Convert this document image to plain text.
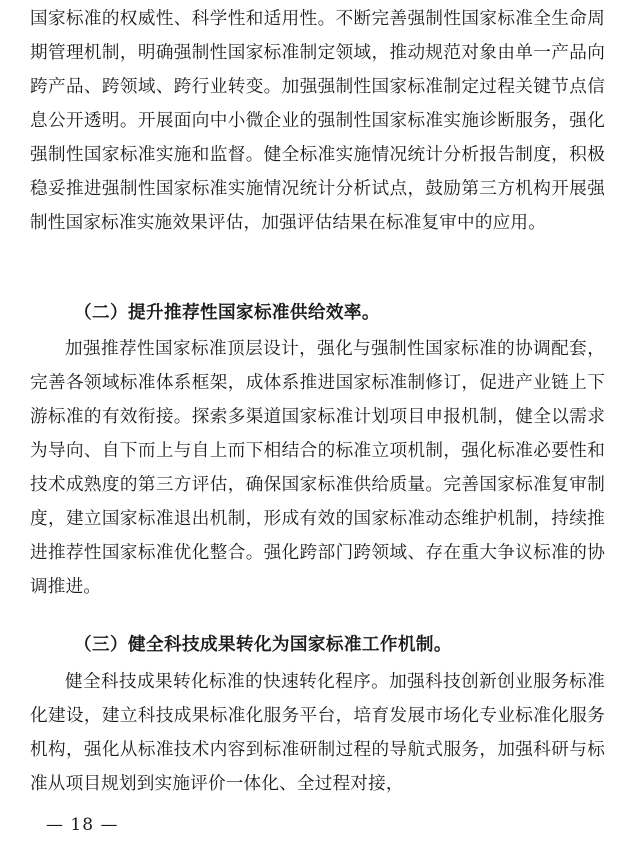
国家标准的权威性、科学性和适用性。不断完善强制性国家标准全生命周期管理机制，明确强制性国家标准制定领域，推动规范对象由单一产品向跨产品、跨领域、跨行业转变。加强强制性国家标准制定过程关键节点信息公开透明。开展面向中小微企业的强制性国家标准实施诊断服务，强化强制性国家标准实施和监督。健全标准实施情况统计分析报告制度，积极稳妥推进强制性国家标准实施情况统计分析试点，鼓励第三方机构开展强制性国家标准实施效果评估，加强评估结果在标准复审中的应用。

（二）提升推荐性国家标准供给效率。

加强推荐性国家标准顶层设计，强化与强制性国家标准的协调配套，完善各领域标准体系框架，成体系推进国家标准制修订，促进产业链上下游标准的有效衔接。探索多渠道国家标准计划项目申报机制，健全以需求为导向、自下而上与自上而下相结合的标准立项机制，强化标准必要性和技术成熟度的第三方评估，确保国家标准供给质量。完善国家标准复审制度，建立国家标准退出机制，形成有效的国家标准动态维护机制，持续推进推荐性国家标准优化整合。强化跨部门跨领域、存在重大争议标准的协调推进。

（三）健全科技成果转化为国家标准工作机制。

健全科技成果转化标准的快速转化程序。加强科技创新创业服务标准化建设，建立科技成果标准化服务平台，培育发展市场化专业标准化服务机构，强化从标准技术内容到标准研制过程的导航式服务，加强科研与标准从项目规划到实施评价一体化、全过程对接，

— 18 —
